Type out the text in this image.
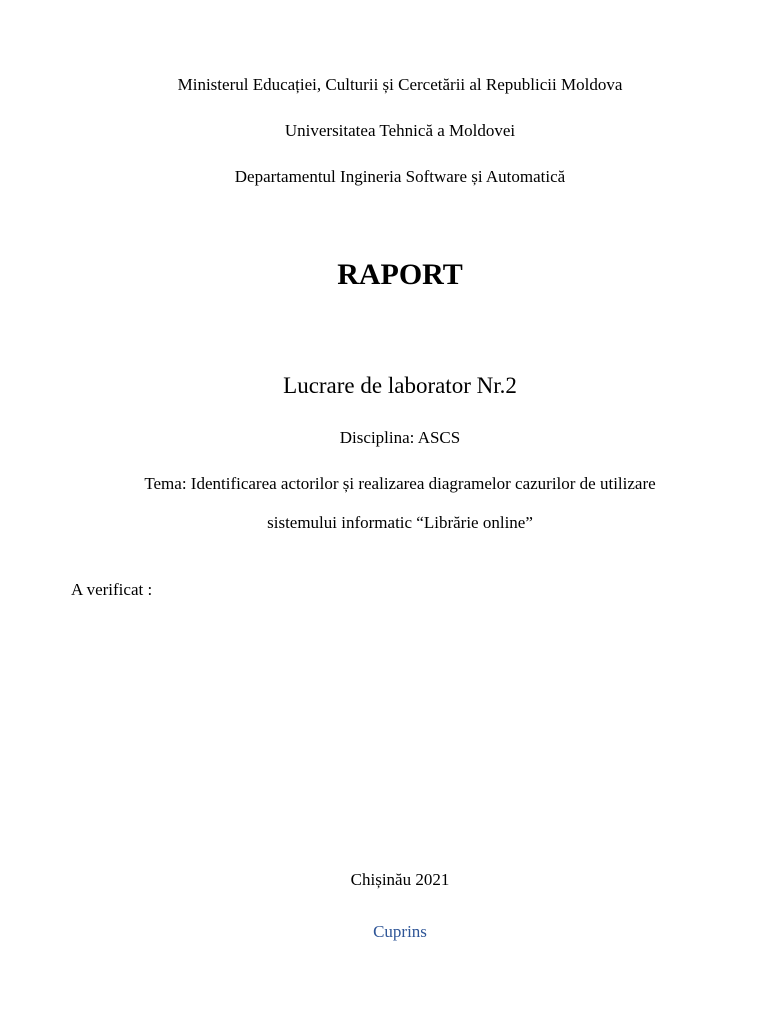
Ministerul Educației, Culturii și Cercetării al Republicii Moldova
Universitatea Tehnică a Moldovei
Departamentul Ingineria Software și Automatică
RAPORT
Lucrare de laborator Nr.2
Disciplina: ASCS
Tema: Identificarea actorilor și realizarea diagramelor cazurilor de utilizare
sistemului informatic “Librărie online”
A verificat :
Chișinău 2021
Cuprins
